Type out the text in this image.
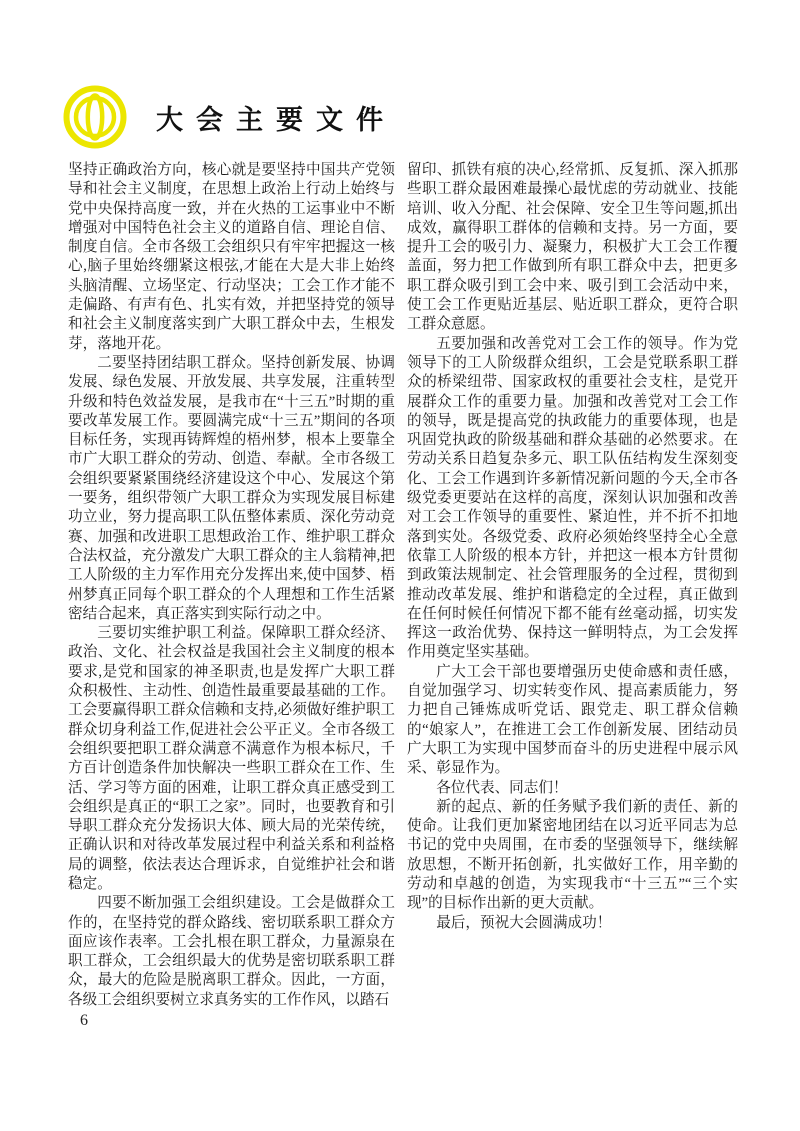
大会主要文件

坚持正确政治方向，核心就是要坚持中国共产党领导和社会主义制度，在思想上政治上行动上始终与党中央保持高度一致，并在火热的工运事业中不断增强对中国特色社会主义的道路自信、理论自信、制度自信。全市各级工会组织只有牢牢把握这一核心,脑子里始终绷紧这根弦,才能在大是大非上始终头脑清醒、立场坚定、行动坚决；工会工作才能不走偏路、有声有色、扎实有效，并把坚持党的领导和社会主义制度落实到广大职工群众中去，生根发芽，落地开花。

二要坚持团结职工群众。坚持创新发展、协调发展、绿色发展、开放发展、共享发展，注重转型升级和特色效益发展，是我市在“十三五”时期的重要改革发展工作。要圆满完成“十三五”期间的各项目标任务，实现再铸辉煌的梧州梦，根本上要靠全市广大职工群众的劳动、创造、奉献。全市各级工会组织要紧紧围绕经济建设这个中心、发展这个第一要务，组织带领广大职工群众为实现发展目标建功立业，努力提高职工队伍整体素质、深化劳动竞赛、加强和改进职工思想政治工作、维护职工群众合法权益，充分激发广大职工群众的主人翁精神,把工人阶级的主力军作用充分发挥出来,使中国梦、梧州梦真正同每个职工群众的个人理想和工作生活紧密结合起来，真正落实到实际行动之中。

三要切实维护职工利益。保障职工群众经济、政治、文化、社会权益是我国社会主义制度的根本要求,是党和国家的神圣职责,也是发挥广大职工群众积极性、主动性、创造性最重要最基础的工作。工会要赢得职工群众信赖和支持,必须做好维护职工群众切身利益工作,促进社会公平正义。全市各级工会组织要把职工群众满意不满意作为根本标尺，千方百计创造条件加快解决一些职工群众在工作、生活、学习等方面的困难，让职工群众真正感受到工会组织是真正的“职工之家”。同时，也要教育和引导职工群众充分发扬识大体、顾大局的光荣传统，正确认识和对待改革发展过程中利益关系和利益格局的调整，依法表达合理诉求，自觉维护社会和谐稳定。

四要不断加强工会组织建设。工会是做群众工作的，在坚持党的群众路线、密切联系职工群众方面应该作表率。工会扎根在职工群众，力量源泉在职工群众，工会组织最大的优势是密切联系职工群众，最大的危险是脱离职工群众。因此，一方面，各级工会组织要树立求真务实的工作作风，以踏石

留印、抓铁有痕的决心,经常抓、反复抓、深入抓那些职工群众最困难最操心最忧虑的劳动就业、技能培训、收入分配、社会保障、安全卫生等问题,抓出成效，赢得职工群体的信赖和支持。另一方面，要提升工会的吸引力、凝聚力，积极扩大工会工作覆盖面，努力把工作做到所有职工群众中去，把更多职工群众吸引到工会中来、吸引到工会活动中来，使工会工作更贴近基层、贴近职工群众，更符合职工群众意愿。

五要加强和改善党对工会工作的领导。作为党领导下的工人阶级群众组织，工会是党联系职工群众的桥梁纽带、国家政权的重要社会支柱，是党开展群众工作的重要力量。加强和改善党对工会工作的领导，既是提高党的执政能力的重要体现，也是巩固党执政的阶级基础和群众基础的必然要求。在劳动关系日趋复杂多元、职工队伍结构发生深刻变化、工会工作遇到许多新情况新问题的今天,全市各级党委更要站在这样的高度，深刻认识加强和改善对工会工作领导的重要性、紧迫性，并不折不扣地落到实处。各级党委、政府必须始终坚持全心全意依靠工人阶级的根本方针，并把这一根本方针贯彻到政策法规制定、社会管理服务的全过程，贯彻到推动改革发展、维护和谐稳定的全过程，真正做到在任何时候任何情况下都不能有丝毫动摇，切实发挥这一政治优势、保持这一鲜明特点，为工会发挥作用奠定坚实基础。

广大工会干部也要增强历史使命感和责任感，自觉加强学习、切实转变作风、提高素质能力，努力把自己锤炼成听党话、跟党走、职工群众信赖的“娘家人”，在推进工会工作创新发展、团结动员广大职工为实现中国梦而奋斗的历史进程中展示风采、彰显作为。

各位代表、同志们！

新的起点、新的任务赋予我们新的责任、新的使命。让我们更加紧密地团结在以习近平同志为总书记的党中央周围，在市委的坚强领导下，继续解放思想，不断开拓创新，扎实做好工作，用辛勤的劳动和卓越的创造，为实现我市“十三五”“三个实现”的目标作出新的更大贡献。

最后，预祝大会圆满成功！

6
